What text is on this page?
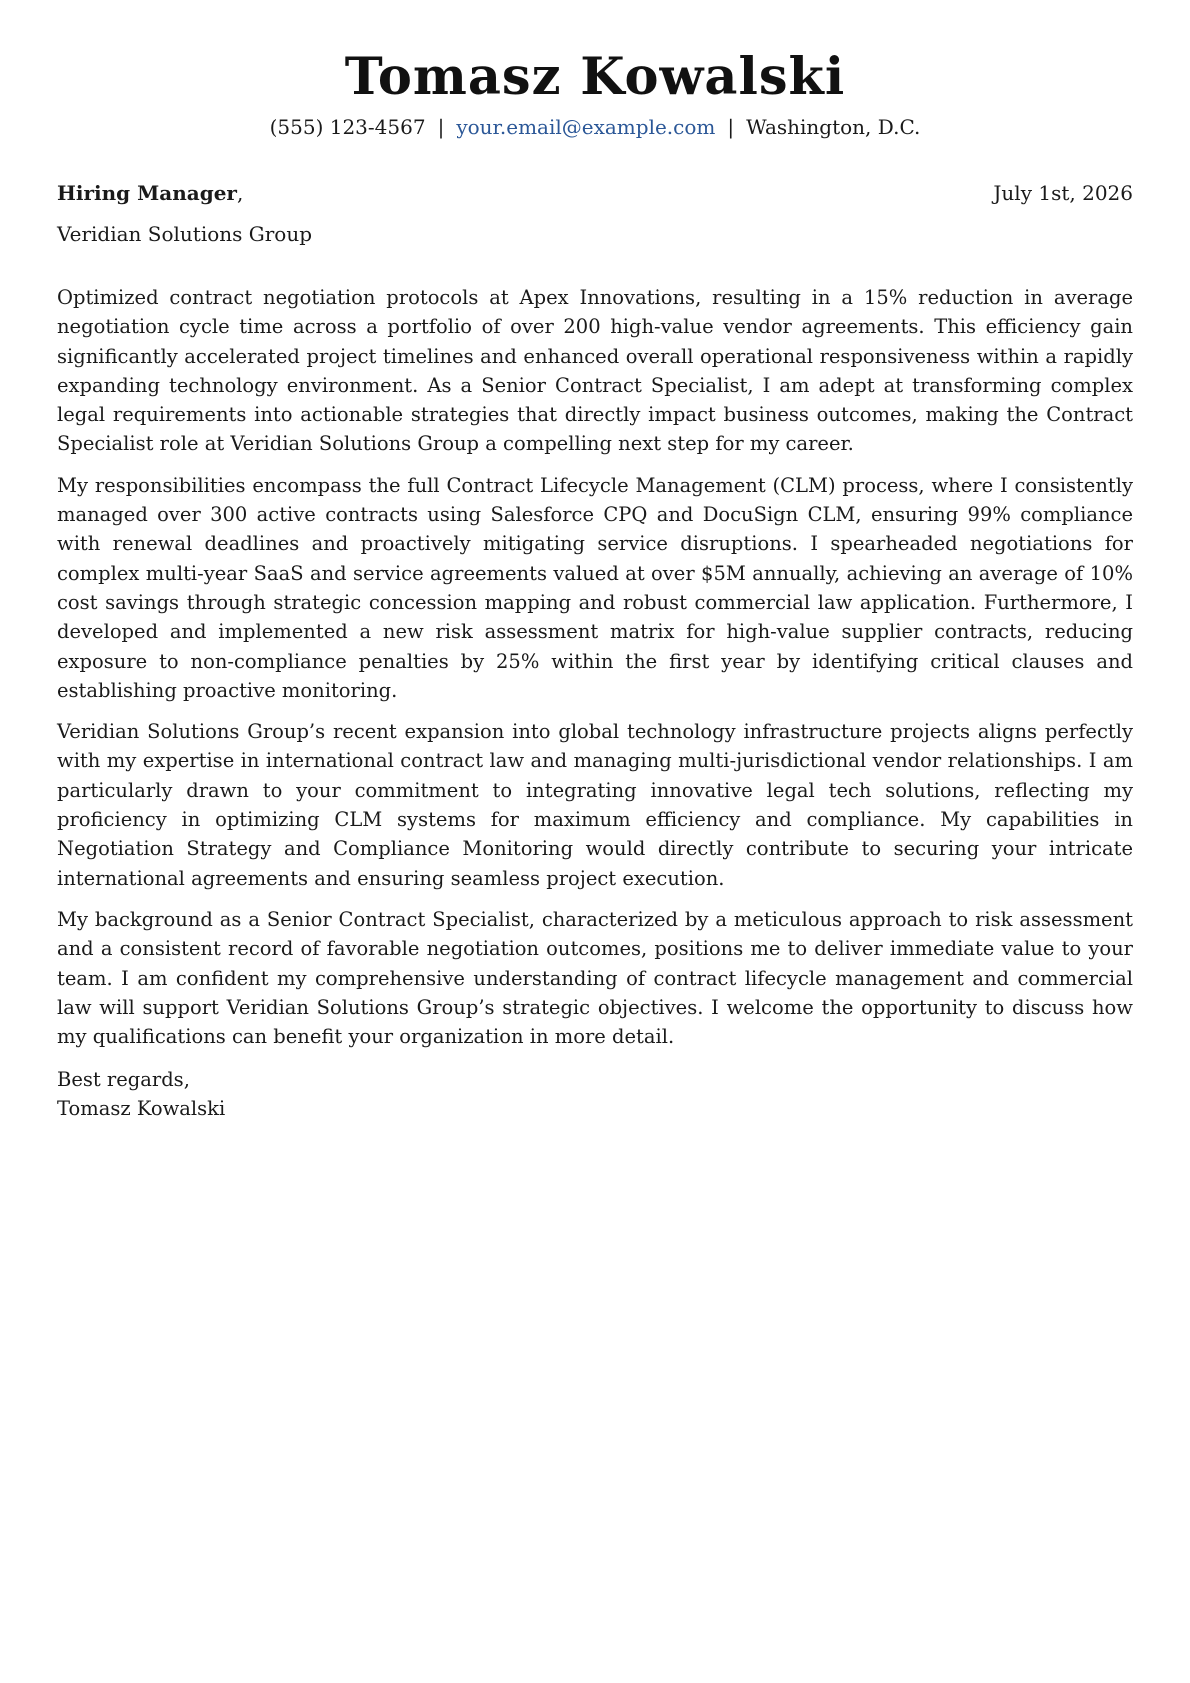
Tomasz Kowalski
(555) 123-4567 | your.email@example.com | Washington, D.C.
Hiring Manager,	July 1st, 2026
Veridian Solutions Group

Optimized contract negotiation protocols at Apex Innovations, resulting in a 15% reduction in average negotiation cycle time across a portfolio of over 200 high-value vendor agreements. This efficiency gain significantly accelerated project timelines and enhanced overall operational responsiveness within a rapidly expanding technology environment. As a Senior Contract Specialist, I am adept at transforming complex legal requirements into actionable strategies that directly impact business outcomes, making the Contract Specialist role at Veridian Solutions Group a compelling next step for my career.

My responsibilities encompass the full Contract Lifecycle Management (CLM) process, where I consistently managed over 300 active contracts using Salesforce CPQ and DocuSign CLM, ensuring 99% compliance with renewal deadlines and proactively mitigating service disruptions. I spearheaded negotiations for complex multi-year SaaS and service agreements valued at over $5M annually, achieving an average of 10% cost savings through strategic concession mapping and robust commercial law application. Furthermore, I developed and implemented a new risk assessment matrix for high-value supplier contracts, reducing exposure to non-compliance penalties by 25% within the first year by identifying critical clauses and establishing proactive monitoring.

Veridian Solutions Group’s recent expansion into global technology infrastructure projects aligns perfectly with my expertise in international contract law and managing multi-jurisdictional vendor relationships. I am particularly drawn to your commitment to integrating innovative legal tech solutions, reflecting my proficiency in optimizing CLM systems for maximum efficiency and compliance. My capabilities in Negotiation Strategy and Compliance Monitoring would directly contribute to securing your intricate international agreements and ensuring seamless project execution.

My background as a Senior Contract Specialist, characterized by a meticulous approach to risk assessment and a consistent record of favorable negotiation outcomes, positions me to deliver immediate value to your team. I am confident my comprehensive understanding of contract lifecycle management and commercial law will support Veridian Solutions Group’s strategic objectives. I welcome the opportunity to discuss how my qualifications can benefit your organization in more detail.

Best regards,
Tomasz Kowalski
